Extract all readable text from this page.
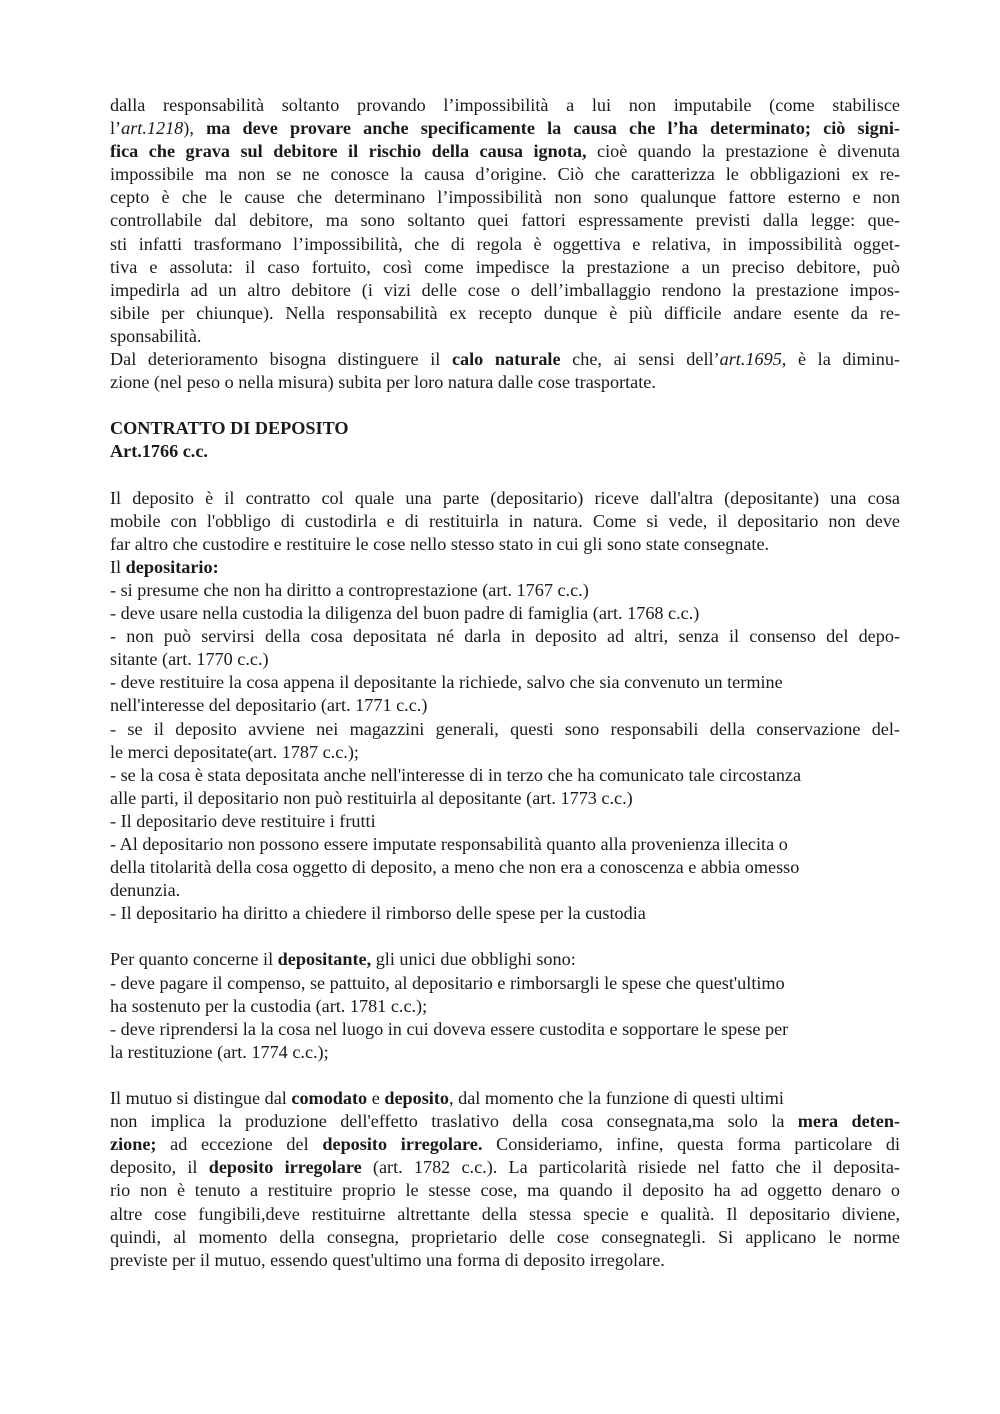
dalla responsabilità soltanto provando l’impossibilità a lui non imputabile (come stabilisce
l’art.1218), ma deve provare anche specificamente la causa che l’ha determinato; ciò signi-
fica che grava sul debitore il rischio della causa ignota, cioè quando la prestazione è divenuta
impossibile ma non se ne conosce la causa d’origine. Ciò che caratterizza le obbligazioni ex re-
cepto è che le cause che determinano l’impossibilità non sono qualunque fattore esterno e non
controllabile dal debitore, ma sono soltanto quei fattori espressamente previsti dalla legge: que-
sti infatti trasformano l’impossibilità, che di regola è oggettiva e relativa, in impossibilità ogget-
tiva e assoluta: il caso fortuito, così come impedisce la prestazione a un preciso debitore, può
impedirla ad un altro debitore (i vizi delle cose o dell’imballaggio rendono la prestazione impos-
sibile per chiunque). Nella responsabilità ex recepto dunque è più difficile andare esente da re-
sponsabilità.
Dal deterioramento bisogna distinguere il calo naturale che, ai sensi dell’art.1695, è la diminu-
zione (nel peso o nella misura) subita per loro natura dalle cose trasportate.
CONTRATTO DI DEPOSITO
Art.1766 c.c.
Il deposito è il contratto col quale una parte (depositario) riceve dall'altra (depositante) una cosa
mobile con l'obbligo di custodirla e di restituirla in natura. Come si vede, il depositario non deve
far altro che custodire e restituire le cose nello stesso stato in cui gli sono state consegnate.
Il depositario:
- si presume che non ha diritto a controprestazione (art. 1767 c.c.)
- deve usare nella custodia la diligenza del buon padre di famiglia (art. 1768 c.c.)
- non può servirsi della cosa depositata né darla in deposito ad altri, senza il consenso del depo-
sitante (art. 1770 c.c.)
- deve restituire la cosa appena il depositante la richiede, salvo che sia convenuto un termine
nell'interesse del depositario (art. 1771 c.c.)
- se il deposito avviene nei magazzini generali, questi sono responsabili della conservazione del-
le merci depositate(art. 1787 c.c.);
- se la cosa è stata depositata anche nell'interesse di in terzo che ha comunicato tale circostanza
alle parti, il depositario non può restituirla al depositante (art. 1773 c.c.)
- Il depositario deve restituire i frutti
- Al depositario non possono essere imputate responsabilità quanto alla provenienza illecita o
della titolarità della cosa oggetto di deposito, a meno che non era a conoscenza e abbia omesso
denunzia.
- Il depositario ha diritto a chiedere il rimborso delle spese per la custodia
Per quanto concerne il depositante, gli unici due obblighi sono:
- deve pagare il compenso, se pattuito, al depositario e rimborsargli le spese che quest'ultimo
ha sostenuto per la custodia (art. 1781 c.c.);
- deve riprendersi la la cosa nel luogo in cui doveva essere custodita e sopportare le spese per
la restituzione (art. 1774 c.c.);
Il mutuo si distingue dal comodato e deposito, dal momento che la funzione di questi ultimi
non implica la produzione dell'effetto traslativo della cosa consegnata,ma solo la mera deten-
zione; ad eccezione del deposito irregolare. Consideriamo, infine, questa forma particolare di
deposito, il deposito irregolare (art. 1782 c.c.). La particolarità risiede nel fatto che il deposita-
rio non è tenuto a restituire proprio le stesse cose, ma quando il deposito ha ad oggetto denaro o
altre cose fungibili,deve restituirne altrettante della stessa specie e qualità. Il depositario diviene,
quindi, al momento della consegna, proprietario delle cose consegnategli. Si applicano le norme
previste per il mutuo, essendo quest'ultimo una forma di deposito irregolare.
